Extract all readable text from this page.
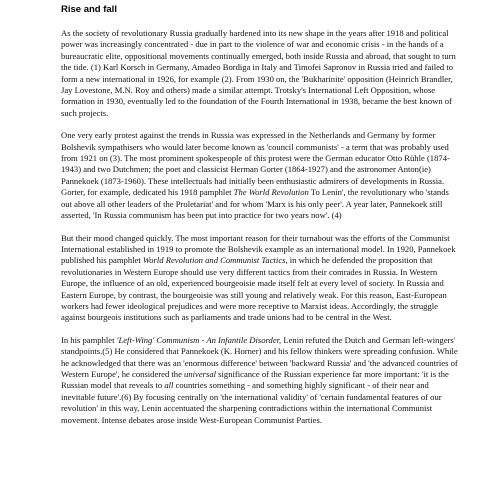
Rise and fall

As the society of revolutionary Russia gradually hardened into its new shape in the years after 1918 and political power was increasingly concentrated - due in part to the violence of war and economic crisis - in the hands of a bureaucratic elite, oppositional movements continually emerged, both inside Russia and abroad, that sought to turn the tide. (1) Karl Korsch in Germany, Amadeo Bordiga in Italy and Timofei Sapronov in Russia tried and failed to form a new international in 1926, for example (2). From 1930 on, the 'Bukharinite' opposition (Heinrich Brandler, Jay Lovestone, M.N. Roy and others) made a similar attempt. Trotsky's International Left Opposition, whose formation in 1930, eventually led to the foundation of the Fourth International in 1938, became the best known of such projects.

One very early protest against the trends in Russia was expressed in the Netherlands and Germany by former Bolshevik sympathisers who would later become known as 'council communists' - a term that was probably used from 1921 on (3). The most prominent spokespeople of this protest were the German educator Otto Rühle (1874-1943) and two Dutchmen; the poet and classicist Herman Gorter (1864-1927) and the astronomer Anton(ie) Pannekoek (1873-1960). These intellectuals had initially been enthusiastic admirers of developments in Russia. Gorter, for example, dedicated his 1918 pamphlet The World Revolution To Lenin', the revolutionary who 'stands out above all other leaders of the Proletariat' and for whom 'Marx is his only peer'. A year later, Pannekoek still asserted, 'In Russia communism has been put into practice for two years now'. (4)

But their mood changed quickly. The most important reason for their turnabout was the efforts of the Communist International established in 1919 to promote the Bolshevik example as an international model. In 1920, Pannekoek published his pamphlet World Revolution and Communist Tactics, in which he defended the proposition that revolutionaries in Western Europe should use very different tactics from their comrades in Russia. In Western Europe, the influence of an old, experienced bourgeoisie made itself felt at every level of society. In Russia and Eastern Europe, by contrast, the bourgeoisie was still young and relatively weak. For this reason, East-European workers had fewer ideological prejudices and were more receptive to Marxist ideas. Accordingly, the struggle against bourgeois institutions such as parliaments and trade unions had to be central in the West.

In his pamphlet 'Left-Wing' Communism - An Infantile Disorder, Lenin refuted the Dutch and German left-wingers' standpoints.(5) He considered that Pannekoek (K. Horner) and his fellow thinkers were spreading confusion. While he acknowledged that there was an 'enormous difference' between 'backward Russia' and 'the advanced countries of Western Europe', he considered the universal significance of the Russian experience far more important: 'it is the Russian model that reveals to all countries something - and something highly significant - of their near and inevitable future'.(6) By focusing centrally on 'the international validity' of 'certain fundamental features of our revolution' in this way, Lenin accentuated the sharpening contradictions within the international Communist movement. Intense debates arose inside West-European Communist Parties.
